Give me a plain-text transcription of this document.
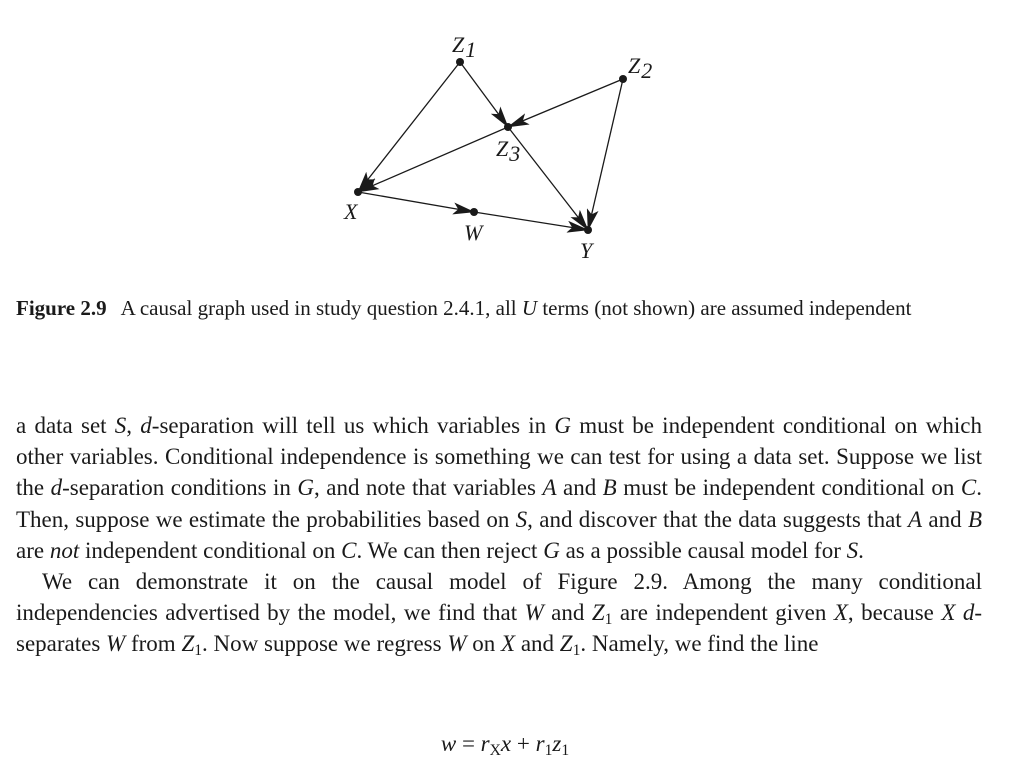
Z1
Z2
Z3
X
W
Y
Figure 2.9 A causal graph used in study question 2.4.1, all U terms (not shown) are assumed independent

a data set S, d-separation will tell us which variables in G must be independent conditional on which other variables. Conditional independence is something we can test for using a data set. Suppose we list the d-separation conditions in G, and note that variables A and B must be independent conditional on C. Then, suppose we estimate the probabilities based on S, and discover that the data suggests that A and B are not independent conditional on C. We can then reject G as a possible causal model for S.

We can demonstrate it on the causal model of Figure 2.9. Among the many conditional independencies advertised by the model, we find that W and $Z_1$ are independent given X, because X d-separates W from $Z_1$. Now suppose we regress W on X and $Z_1$. Namely, we find the line

$w = r_Xx + r_1z_1$
